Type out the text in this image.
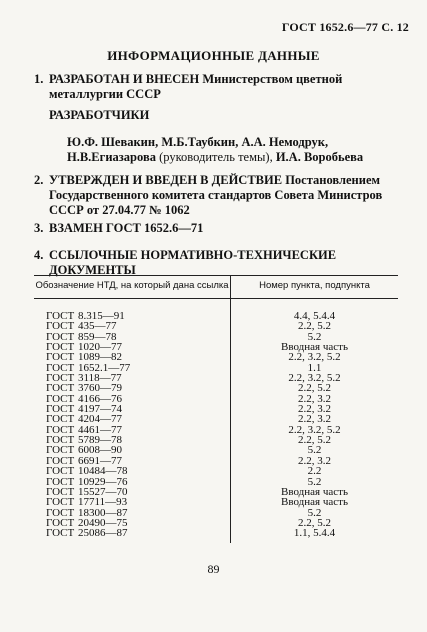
ГОСТ 1652.6—77 С. 12
ИНФОРМАЦИОННЫЕ ДАННЫЕ
1. РАЗРАБОТАН И ВНЕСЕН Министерством цветной металлургии СССР
РАЗРАБОТЧИКИ
Ю.Ф. Шевакин, М.Б.Таубкин, А.А. Немодрук, Н.В.Егиазарова (руководитель темы), И.А. Воробьева
2. УТВЕРЖДЕН И ВВЕДЕН В ДЕЙСТВИЕ Постановлением Государственного комитета стандартов Совета Министров СССР от 27.04.77 № 1062
3. ВЗАМЕН ГОСТ 1652.6—71
4. ССЫЛОЧНЫЕ НОРМАТИВНО-ТЕХНИЧЕСКИЕ ДОКУМЕНТЫ
Обозначение НТД, на который дана ссылка	Номер пункта, подпункта
ГОСТ 8.315—91	4.4, 5.4.4
ГОСТ 435—77	2.2, 5.2
ГОСТ 859—78	5.2
ГОСТ 1020—77	Вводная часть
ГОСТ 1089—82	2.2, 3.2, 5.2
ГОСТ 1652.1—77	1.1
ГОСТ 3118—77	2.2, 3.2, 5.2
ГОСТ 3760—79	2.2, 5.2
ГОСТ 4166—76	2.2, 3.2
ГОСТ 4197—74	2.2, 3.2
ГОСТ 4204—77	2.2, 3.2
ГОСТ 4461—77	2.2, 3.2, 5.2
ГОСТ 5789—78	2.2, 5.2
ГОСТ 6008—90	5.2
ГОСТ 6691—77	2.2, 3.2
ГОСТ 10484—78	2.2
ГОСТ 10929—76	5.2
ГОСТ 15527—70	Вводная часть
ГОСТ 17711—93	Вводная часть
ГОСТ 18300—87	5.2
ГОСТ 20490—75	2.2, 5.2
ГОСТ 25086—87	1.1, 5.4.4
89
